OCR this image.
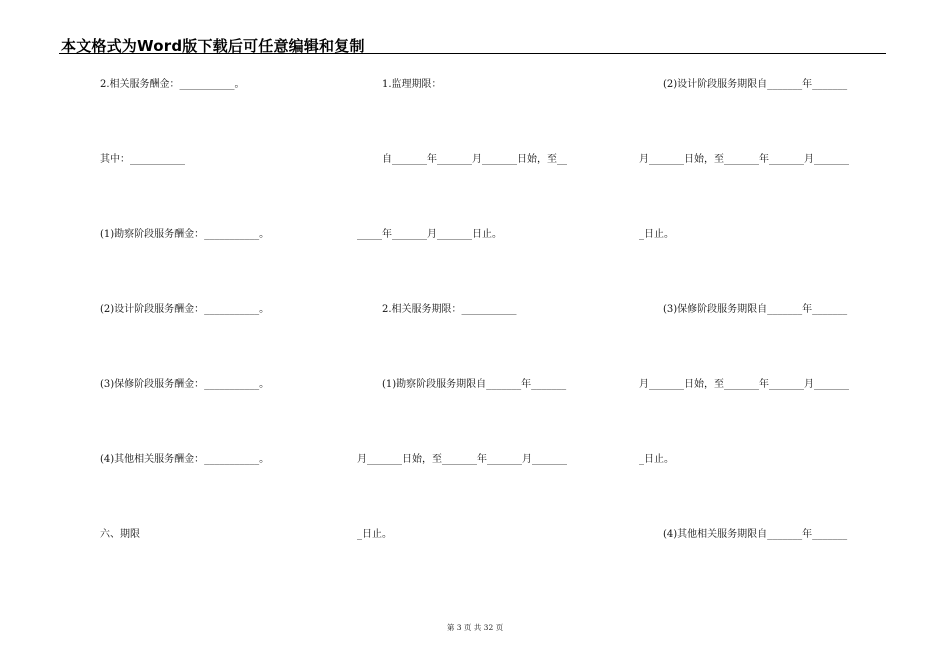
本文格式为Word版下载后可任意编辑和复制
2.相关服务酬金：___________。
其中：___________
(1)勘察阶段服务酬金：___________。
(2)设计阶段服务酬金：___________。
(3)保修阶段服务酬金：___________。
(4)其他相关服务酬金：___________。
六、期限
1.监理期限：
自_______年_______月_______日始，至__
_____年_______月_______日止。
2.相关服务期限：___________
(1)勘察阶段服务期限自_______年_______
月_______日始，至_______年_______月_______
_日止。
(2)设计阶段服务期限自_______年_______
月_______日始，至_______年_______月_______
_日止。
(3)保修阶段服务期限自_______年_______
月_______日始，至_______年_______月_______
_日止。
(4)其他相关服务期限自_______年_______
第 3 页 共 32 页
